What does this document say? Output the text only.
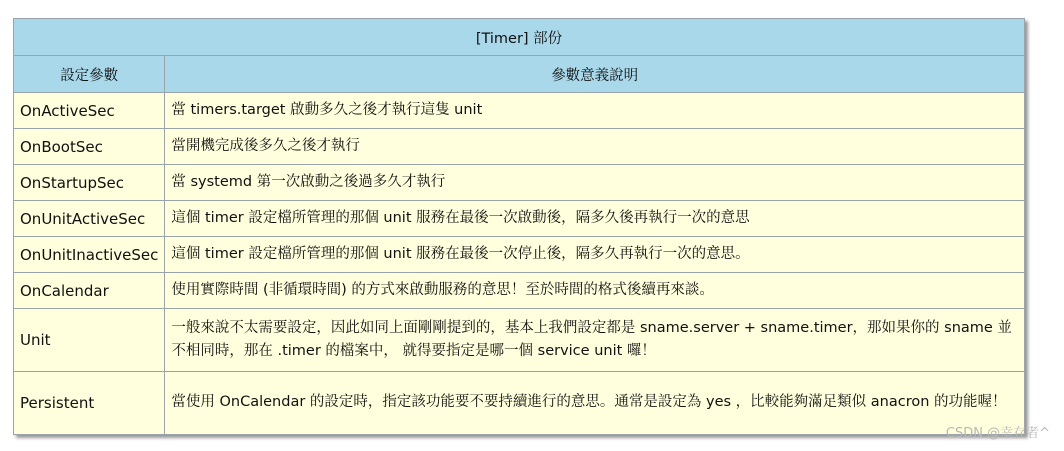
[Timer] 部份	
設定參數	參數意義說明
OnActiveSec	當 timers.target 啟動多久之後才執行這隻 unit
OnBootSec	當開機完成後多久之後才執行
OnStartupSec	當 systemd 第一次啟動之後過多久才執行
OnUnitActiveSec	這個 timer 設定檔所管理的那個 unit 服務在最後一次啟動後，隔多久後再執行一次的意思
OnUnitInactiveSec	這個 timer 設定檔所管理的那個 unit 服務在最後一次停止後，隔多久再執行一次的意思。
OnCalendar	使用實際時間 (非循環時間) 的方式來啟動服務的意思！至於時間的格式後續再來談。
Unit	一般來說不太需要設定，因此如同上面剛剛提到的，基本上我們設定都是 sname.server + sname.timer，那如果你的 sname 並不相同時，那在 .timer 的檔案中， 就得要指定是哪一個 service unit 囉！
Persistent	當使用 OnCalendar 的設定時，指定該功能要不要持續進行的意思。通常是設定為 yes ，比較能夠滿足類似 anacron 的功能喔！
CSDN @幸存者^
